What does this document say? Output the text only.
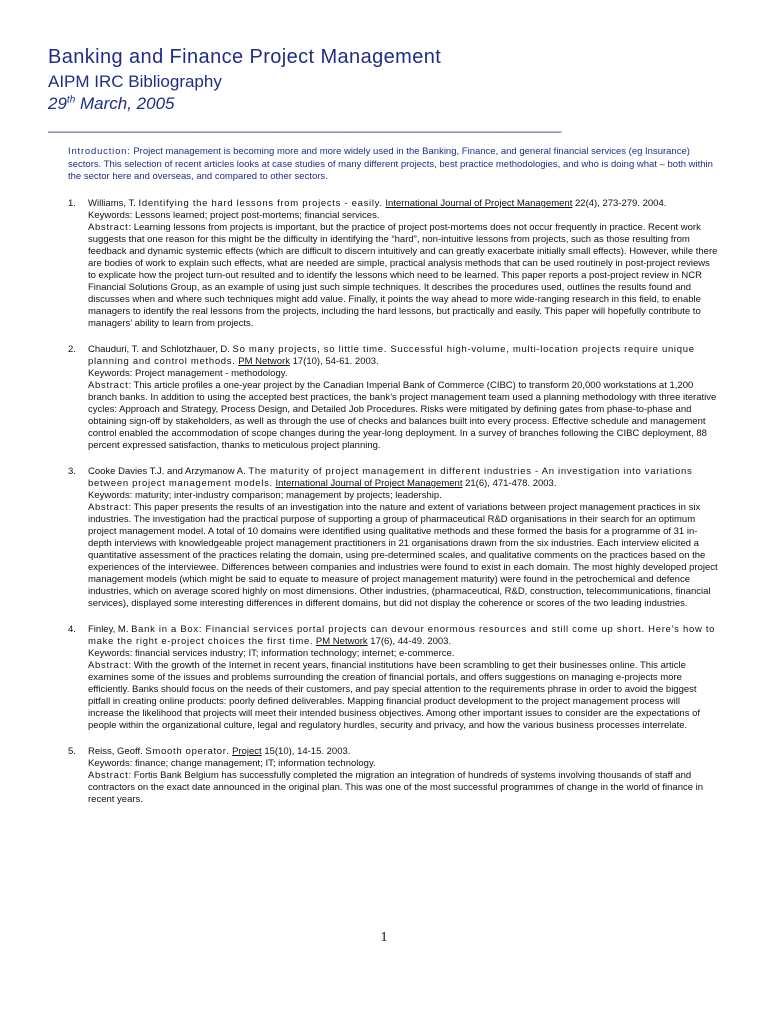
Banking and Finance Project Management
AIPM IRC Bibliography
29th March, 2005
_______________________________________________________________________
Introduction: Project management is becoming more and more widely used in the Banking, Finance, and general financial services (eg Insurance) sectors. This selection of recent articles looks at case studies of many different projects, best practice methodologies, and who is doing what – both within the sector here and overseas, and compared to other sectors.
1. Williams, T. Identifying the hard lessons from projects - easily. International Journal of Project Management 22(4), 273-279. 2004.
Keywords: Lessons learned; project post-mortems; financial services.
Abstract: Learning lessons from projects is important, but the practice of project post-mortems does not occur frequently in practice. Recent work suggests that one reason for this might be the difficulty in identifying the “hard”, non-intuitive lessons from projects, such as those resulting from feedback and dynamic systemic effects (which are difficult to discern intuitively and can greatly exacerbate initially small effects). However, while there are bodies of work to explain such effects, what are needed are simple, practical analysis methods that can be used routinely in post-project reviews to explicate how the project turn-out resulted and to identify the lessons which need to be learned. This paper reports a post-project review in NCR Financial Solutions Group, as an example of using just such simple techniques. It describes the procedures used, outlines the results found and discusses when and where such techniques might add value. Finally, it points the way ahead to more wide-ranging research in this field, to enable managers to identify the real lessons from the projects, including the hard lessons, but practically and easily. This paper will hopefully contribute to managers’ ability to learn from projects.
2. Chauduri, T. and Schlotzhauer, D. So many projects, so little time. Successful high-volume, multi-location projects require unique planning and control methods. PM Network 17(10), 54-61. 2003.
Keywords: Project management - methodology.
Abstract: This article profiles a one-year project by the Canadian Imperial Bank of Commerce (CIBC) to transform 20,000 workstations at 1,200 branch banks. In addition to using the accepted best practices, the bank’s project management team used a planning methodology with three iterative cycles: Approach and Strategy, Process Design, and Detailed Job Procedures. Risks were mitigated by defining gates from phase-to-phase and obtaining sign-off by stakeholders, as well as through the use of checks and balances built into every process. Effective schedule and management control enabled the accommodation of scope changes during the year-long deployment. In a survey of branches following the CIBC deployment, 88 percent expressed satisfaction, thanks to meticulous project planning.
3. Cooke Davies T.J. and Arzymanow A. The maturity of project management in different industries - An investigation into variations between project management models. International Journal of Project Management 21(6), 471-478. 2003.
Keywords: maturity; inter-industry comparison; management by projects; leadership.
Abstract: This paper presents the results of an investigation into the nature and extent of variations between project management practices in six industries. The investigation had the practical purpose of supporting a group of pharmaceutical R&D organisations in their search for an optimum project management model. A total of 10 domains were identified using qualitative methods and these formed the basis for a programme of 31 in-depth interviews with knowledgeable project management practitioners in 21 organisations drawn from the six industries. Each interview elicited a quantitative assessment of the practices relating the domain, using pre-determined scales, and qualitative comments on the practices based on the experiences of the interviewee. Differences between companies and industries were found to exist in each domain. The most highly developed project management models (which might be said to equate to measure of project management maturity) were found in the petrochemical and defence industries, which on average scored highly on most dimensions. Other industries, (pharmaceutical, R&D, construction, telecommunications, financial services), displayed some interesting differences in different domains, but did not display the coherence or scores of the two leading industries.
4. Finley, M. Bank in a Box: Financial services portal projects can devour enormous resources and still come up short. Here’s how to make the right e-project choices the first time. PM Network 17(6), 44-49. 2003.
Keywords: financial services industry; IT; information technology; internet; e-commerce.
Abstract: With the growth of the Internet in recent years, financial institutions have been scrambling to get their businesses online. This article examines some of the issues and problems surrounding the creation of financial portals, and offers suggestions on managing e-projects more efficiently. Banks should focus on the needs of their customers, and pay special attention to the requirements phrase in order to avoid the biggest pitfall in creating online products: poorly defined deliverables. Mapping financial product development to the project management process will increase the likelihood that projects will meet their intended business objectives. Among other important issues to consider are the expectations of people within the organizational culture, legal and regulatory hurdles, security and privacy, and how the various business processes interrelate.
5. Reiss, Geoff. Smooth operator. Project 15(10), 14-15. 2003.
Keywords: finance; change management; IT; information technology.
Abstract: Fortis Bank Belgium has successfully completed the migration an integration of hundreds of systems involving thousands of staff and contractors on the exact date announced in the original plan. This was one of the most successful programmes of change in the world of finance in recent years.
1
